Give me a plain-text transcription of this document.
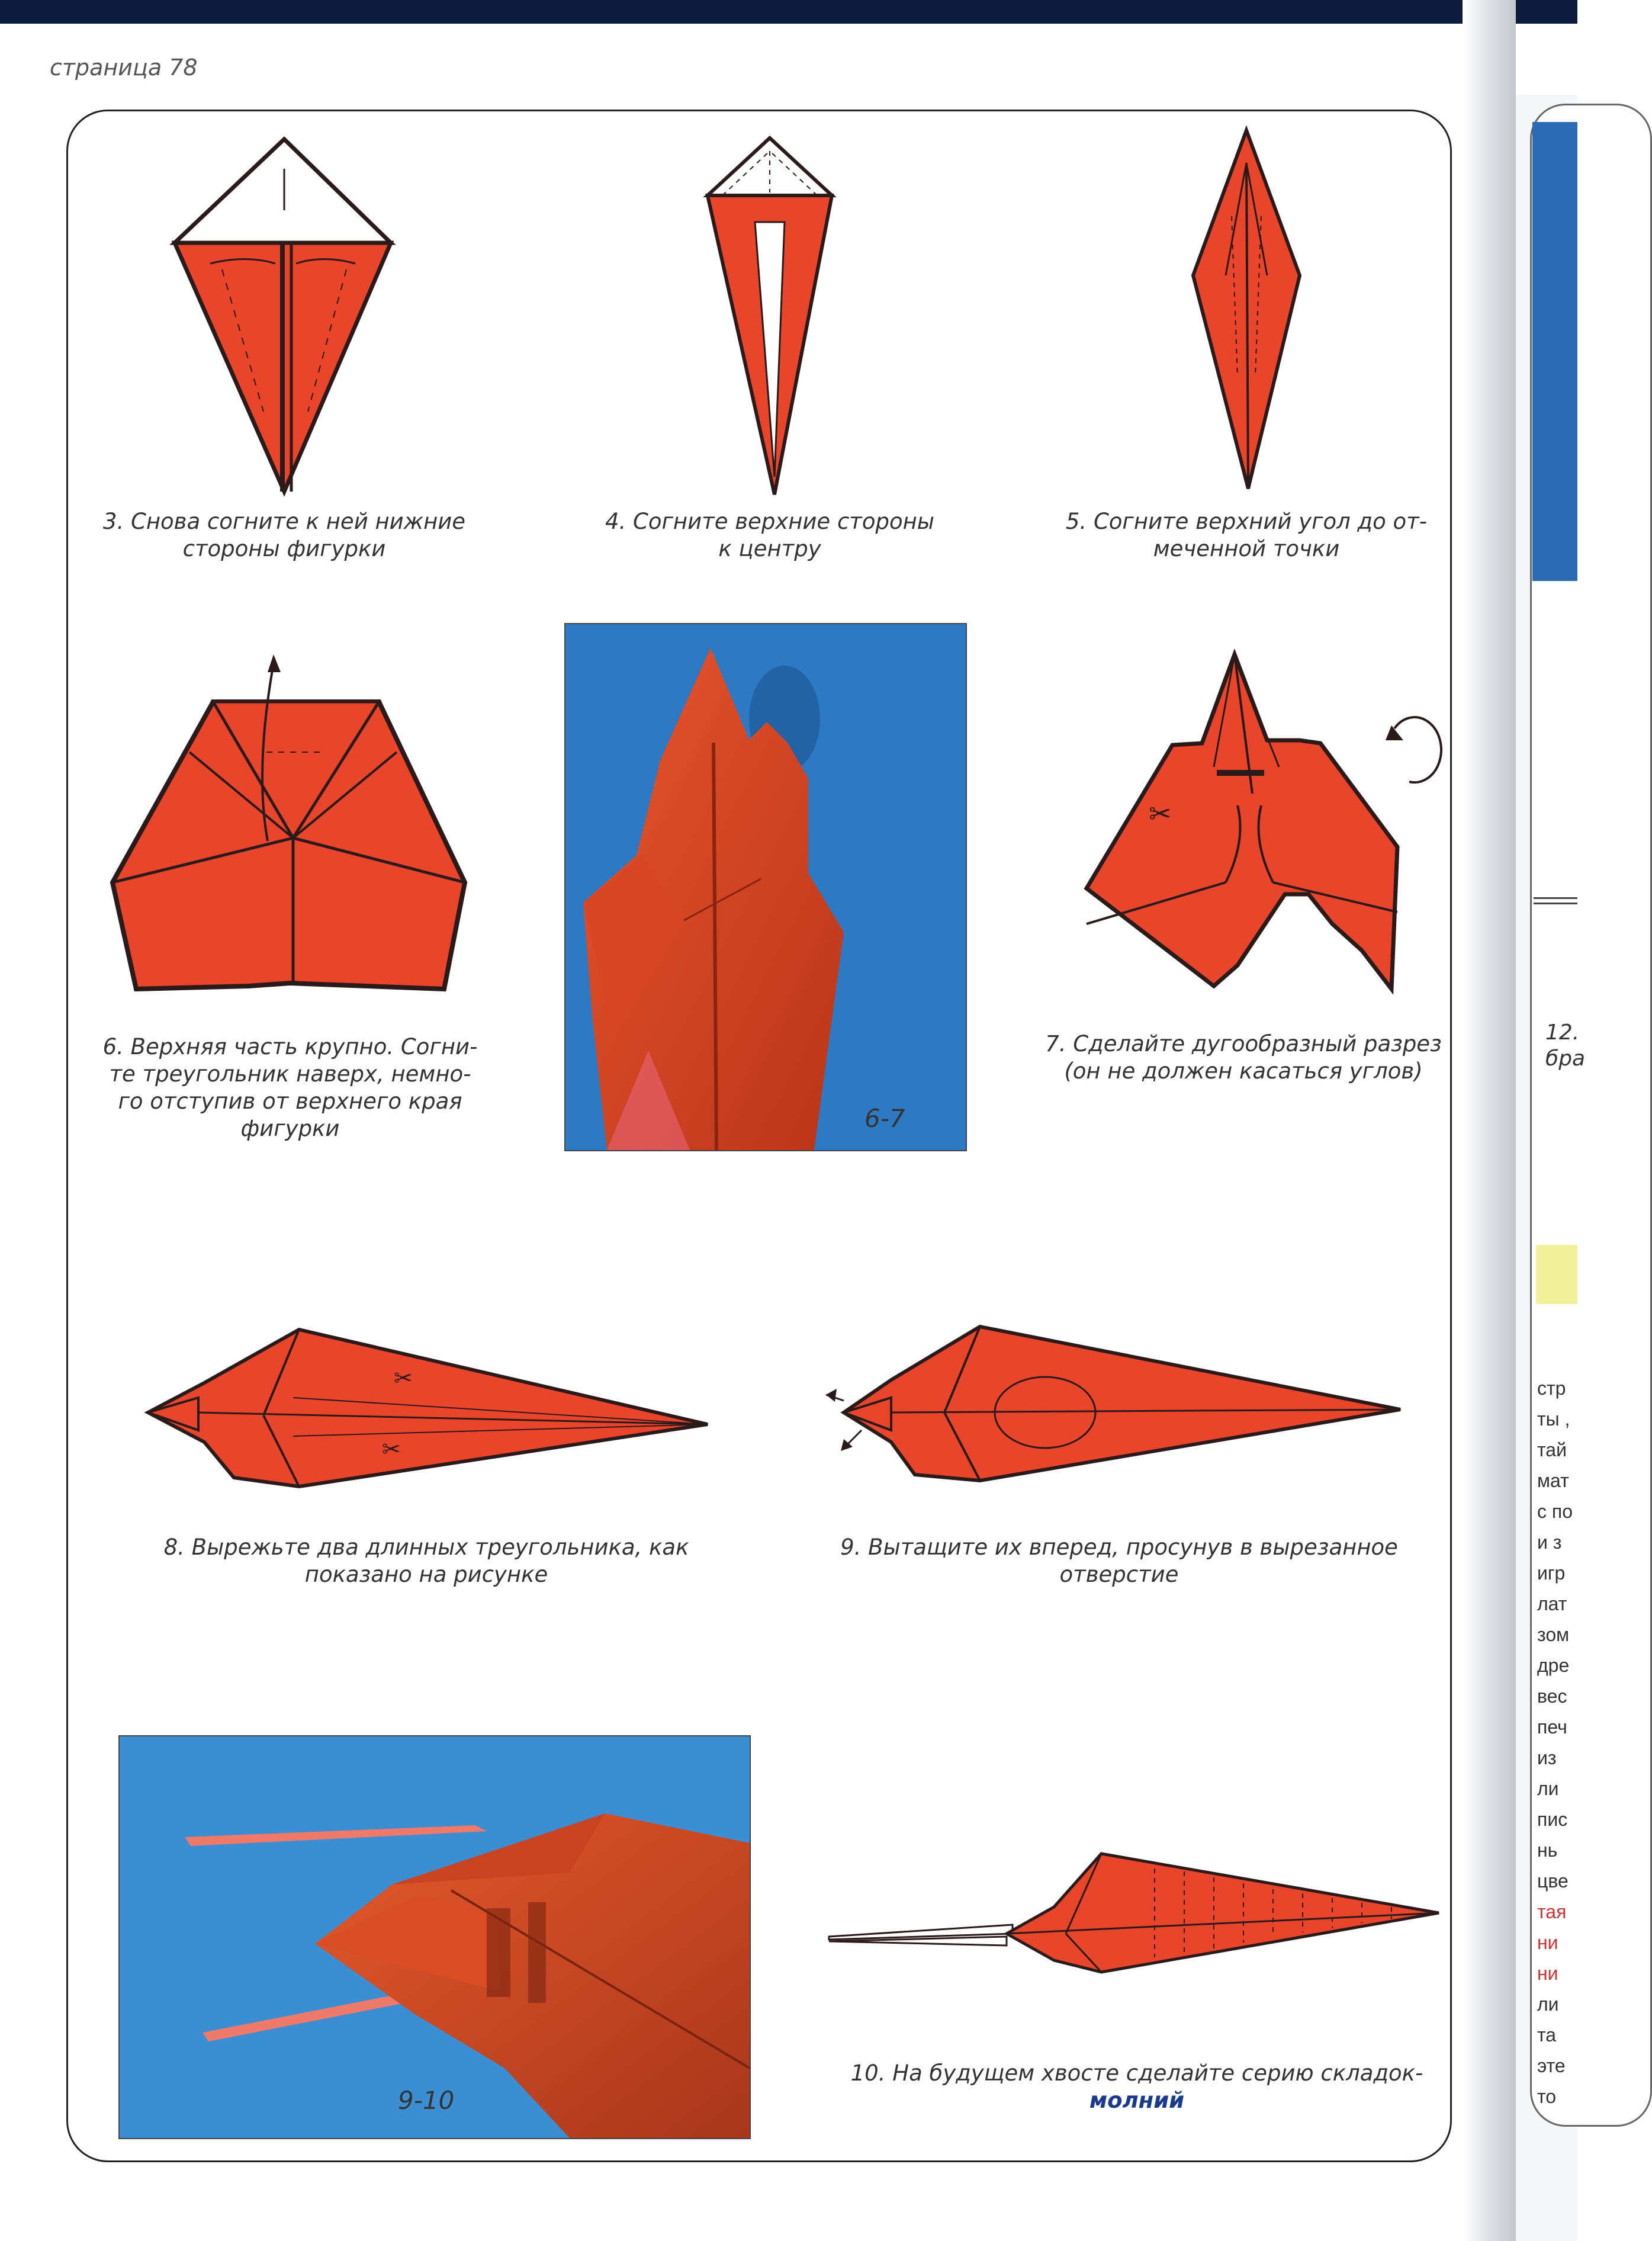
страница 78
3. Снова согните к ней нижние
стороны фигурки
4. Согните верхние стороны
к центру
5. Согните верхний угол до от-
меченной точки
6. Верхняя часть крупно. Согни-
те треугольник наверх, немно-
го отступив от верхнего края
фигурки	6-7
✂
7. Сделайте дугообразный разрез
(он не должен касаться углов)
✂
✂
8. Вырежьте два длинных треугольника, как
показано на рисунке
9. Вытащите их вперед, просунув в вырезанное
отверстие
9-10
10. На будущем хвосте сделайте серию складок-
молний
12.
бра
стр
ты ,
тай
мат
с по
и з
игр
лат
зом
дре
вес
печ
из
ли
пис
нь
цве
тая
ни
ни
ли
та
эте
то
